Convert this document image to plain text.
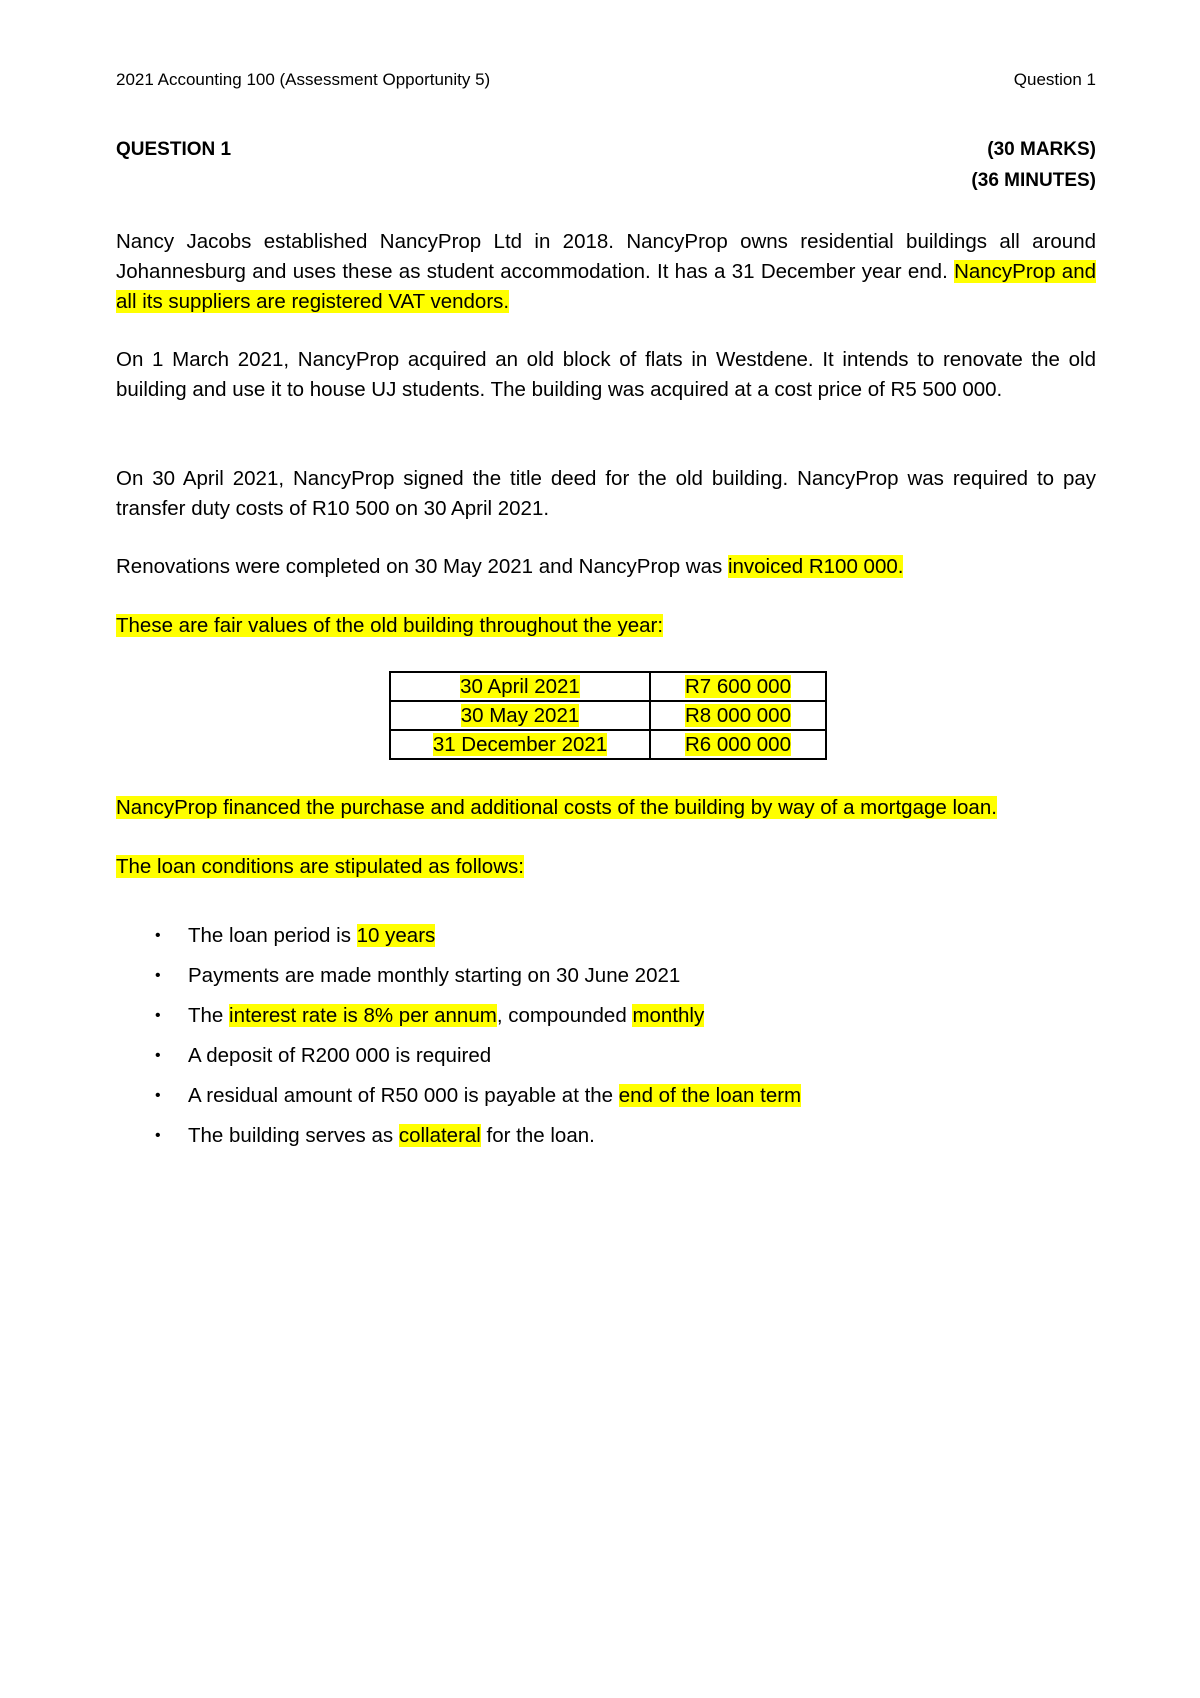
2021 Accounting 100 (Assessment Opportunity 5)	Question 1
QUESTION 1	(30 MARKS)
(36 MINUTES)

Nancy Jacobs established NancyProp Ltd in 2018. NancyProp owns residential buildings all around Johannesburg and uses these as student accommodation. It has a 31 December year end. NancyProp and all its suppliers are registered VAT vendors.

On 1 March 2021, NancyProp acquired an old block of flats in Westdene. It intends to renovate the old building and use it to house UJ students. The building was acquired at a cost price of R5 500 000.

On 30 April 2021, NancyProp signed the title deed for the old building. NancyProp was required to pay transfer duty costs of R10 500 on 30 April 2021.

Renovations were completed on 30 May 2021 and NancyProp was invoiced R100 000.

These are fair values of the old building throughout the year:

30 April 2021	R7 600 000
30 May 2021	R8 000 000
31 December 2021	R6 000 000

NancyProp financed the purchase and additional costs of the building by way of a mortgage loan.

The loan conditions are stipulated as follows:

• The loan period is 10 years
• Payments are made monthly starting on 30 June 2021
• The interest rate is 8% per annum, compounded monthly
• A deposit of R200 000 is required
• A residual amount of R50 000 is payable at the end of the loan term
• The building serves as collateral for the loan.
